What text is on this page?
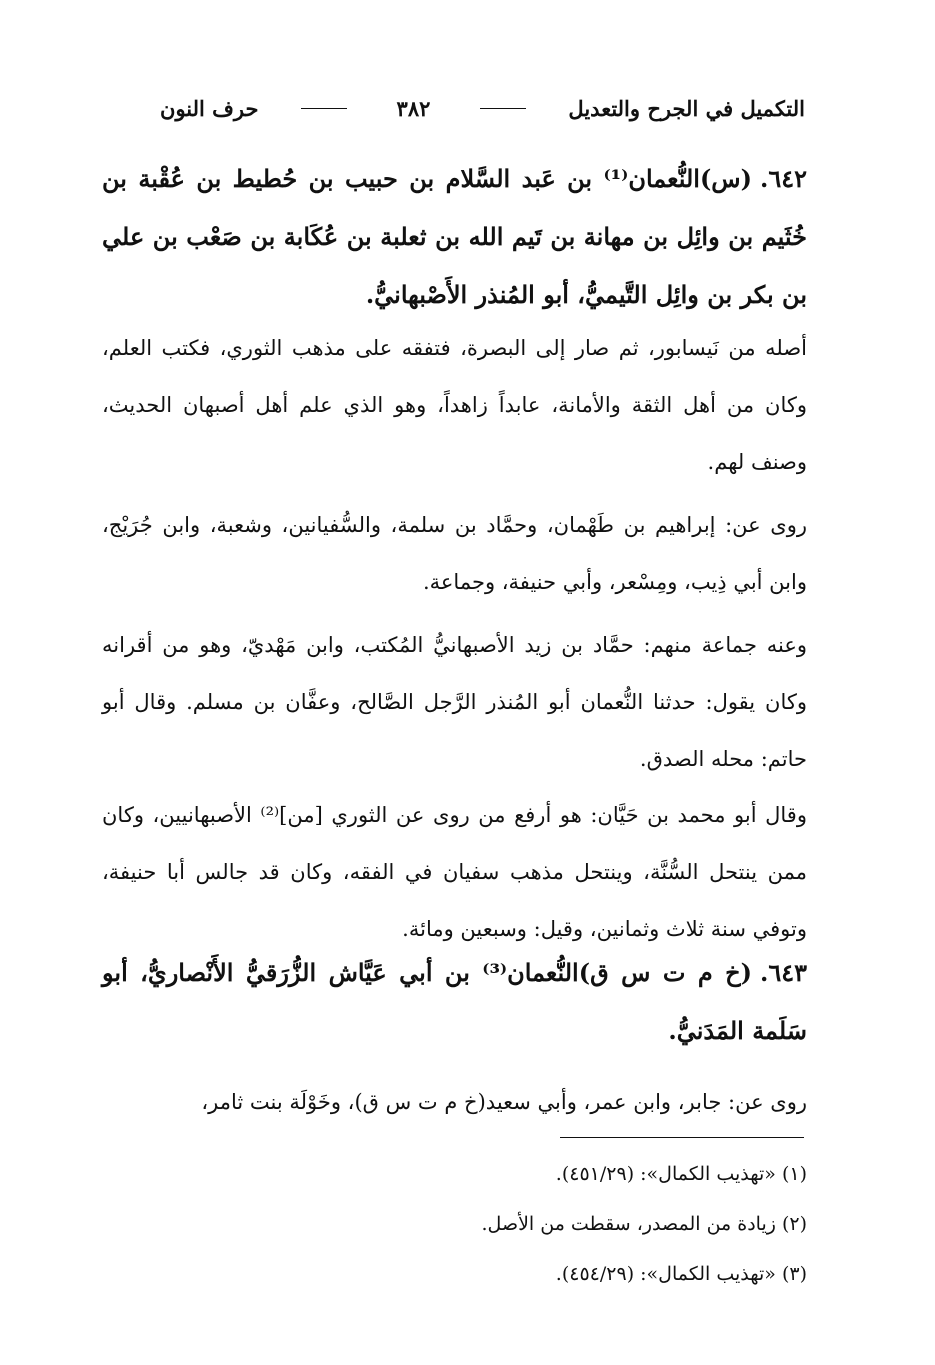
التكميل في الجرح والتعديل
٣٨٢
حرف النون
٦٤٢.(س)النُّعمان⁽¹⁾ بن عَبد السَّلام بن حبيب بن حُطيط بن عُقْبة بن خُثَيم بن وائِل بن مهانة بن تَيم الله بن ثعلبة بن عُكَابة بن صَعْب بن علي بن بكر بن وائِل التَّيميُّ، أبو المُنذر الأَصْبهانيُّ.
أصله من نَيسابور، ثم صار إلى البصرة، فتفقه على مذهب الثوري، فكتب العلم، وكان من أهل الثقة والأمانة، عابداً زاهداً، وهو الذي علم أهل أصبهان الحديث، وصنف لهم.
روى عن: إبراهيم بن طَهْمان، وحمَّاد بن سلمة، والسُّفيانين، وشعبة، وابن جُرَيْج، وابن أبي ذِيب، ومِسْعر، وأبي حنيفة، وجماعة.
وعنه جماعة منهم: حمَّاد بن زيد الأصبهانيُّ المُكتب، وابن مَهْديّ، وهو من أقرانه وكان يقول: حدثنا النُّعمان أبو المُنذر الرَّجل الصَّالح، وعفَّان بن مسلم. وقال أبو حاتم: محله الصدق.
وقال أبو محمد بن حَيَّان: هو أرفع من روى عن الثوري [من]⁽²⁾ الأصبهانيين، وكان ممن ينتحل السُّنَّة، وينتحل مذهب سفيان في الفقه، وكان قد جالس أبا حنيفة، وتوفي سنة ثلاث وثمانين، وقيل: وسبعين ومائة.
٦٤٣.(خ م ت س ق)النُّعمان⁽³⁾ بن أبي عَيَّاش الزُّرَقيُّ الأَنْصاريُّ، أبو سَلَمة المَدَنيُّ.
روى عن: جابر، وابن عمر، وأبي سعيد(خ م ت س ق)، وخَوْلَة بنت ثامر،
(١)«تهذيب الكمال»: (٤٥١/٢٩).
(٢)زيادة من المصدر، سقطت من الأصل.
(٣)«تهذيب الكمال»: (٤٥٤/٢٩).
